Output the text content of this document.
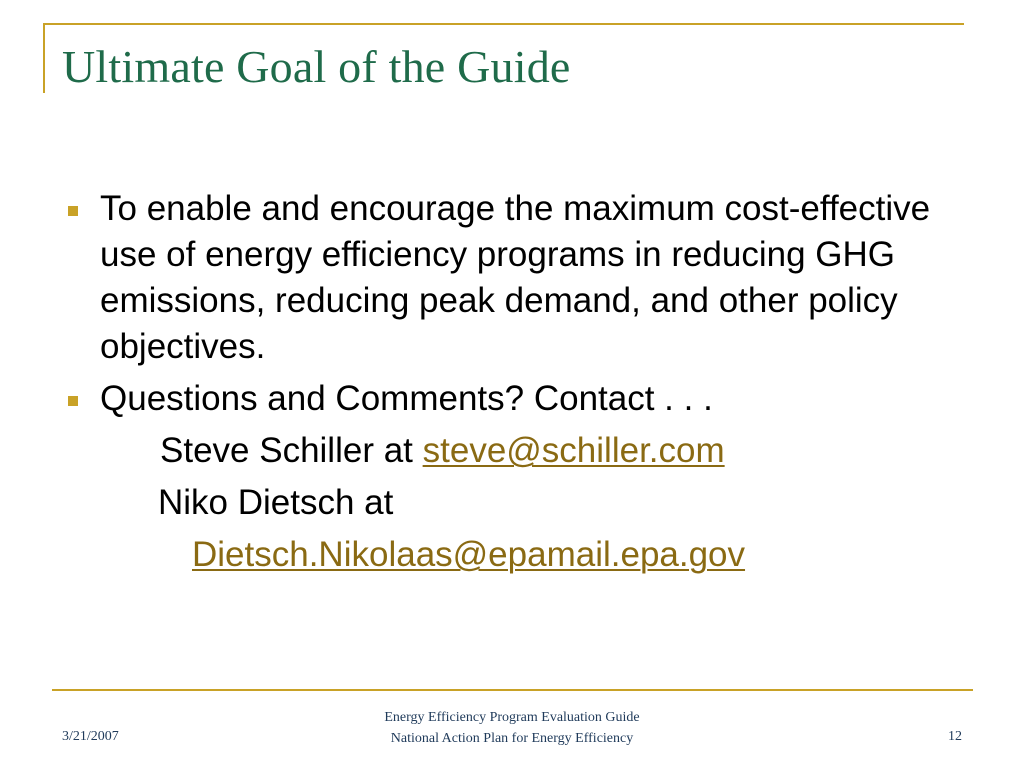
Ultimate Goal of the Guide
To enable and encourage the maximum cost-effective use of energy efficiency programs in reducing GHG emissions, reducing peak demand, and other policy objectives.
Questions and Comments? Contact . . .
Steve Schiller at steve@schiller.com
Niko Dietsch at
Dietsch.Nikolaas@epamail.epa.gov
3/21/2007
Energy Efficiency Program Evaluation Guide
National Action Plan for Energy Efficiency	12
